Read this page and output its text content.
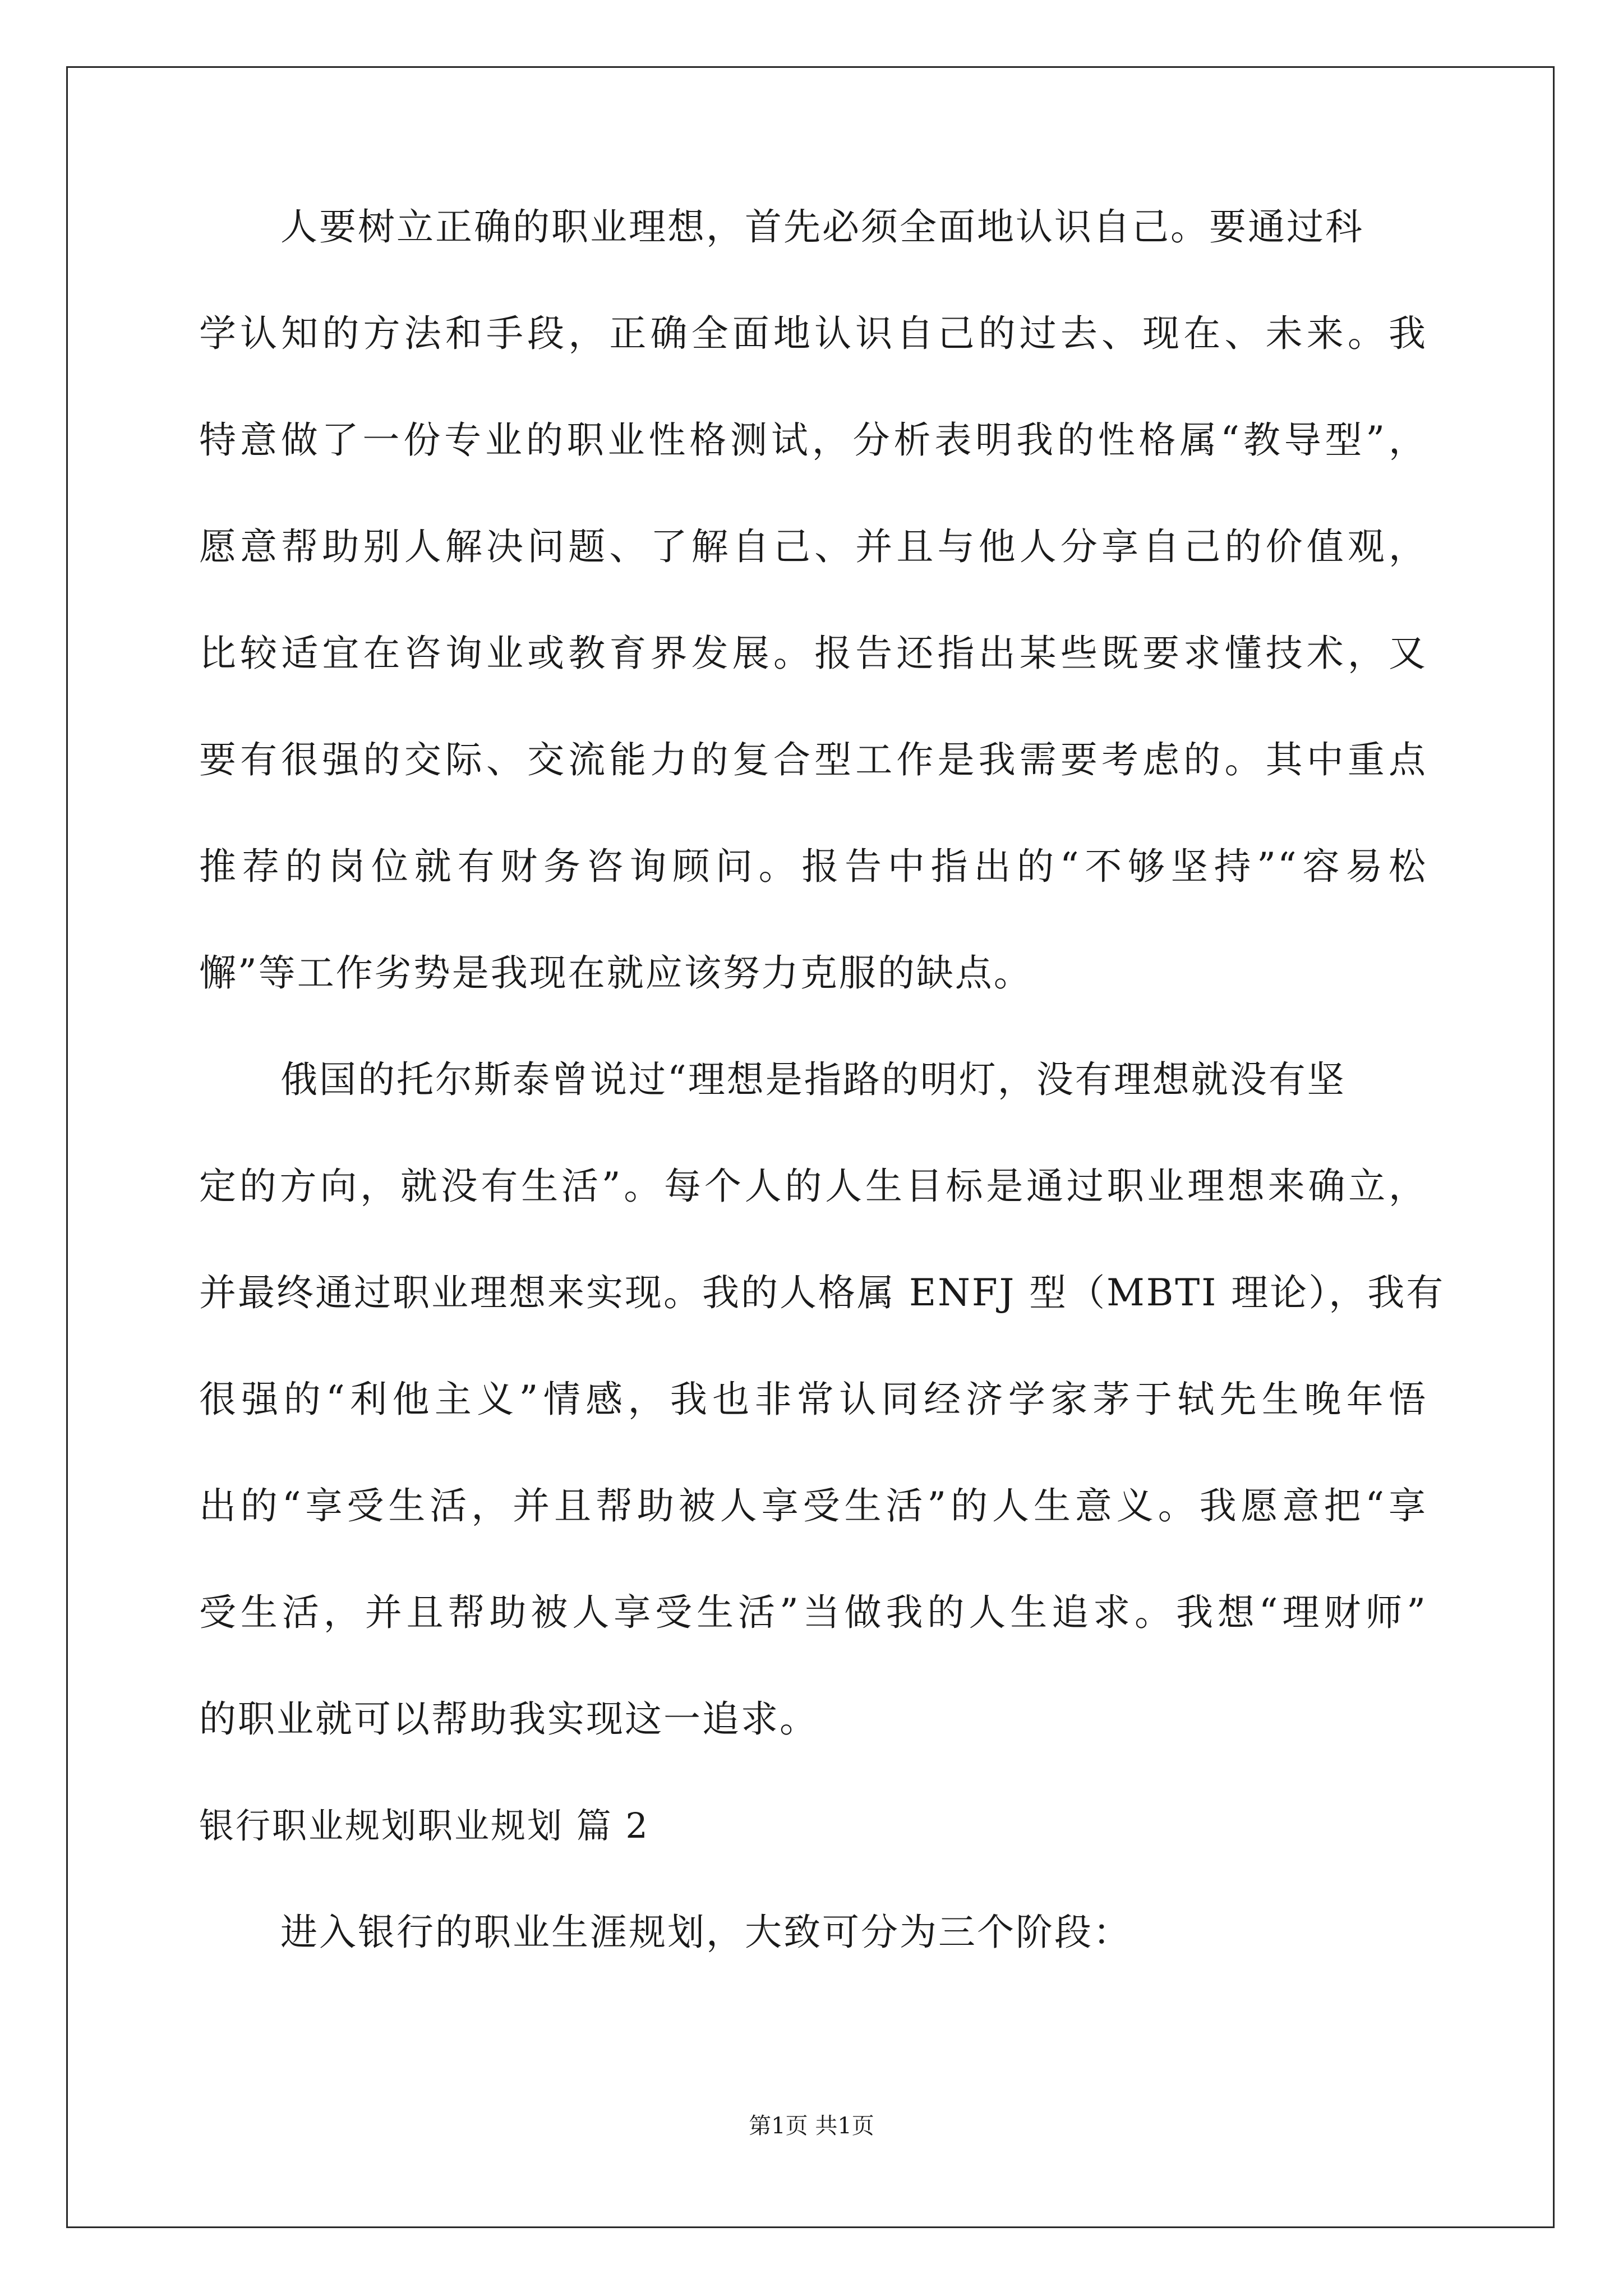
人要树立正确的职业理想，首先必须全面地认识自己。要通过科
学认知的方法和手段，正确全面地认识自己的过去、现在、未来。我
特意做了一份专业的职业性格测试，分析表明我的性格属“教导型”，
愿意帮助别人解决问题、了解自己、并且与他人分享自己的价值观，
比较适宜在咨询业或教育界发展。报告还指出某些既要求懂技术，又
要有很强的交际、交流能力的复合型工作是我需要考虑的。其中重点
推荐的岗位就有财务咨询顾问。报告中指出的“不够坚持”“容易松
懈”等工作劣势是我现在就应该努力克服的缺点。
俄国的托尔斯泰曾说过“理想是指路的明灯，没有理想就没有坚
定的方向，就没有生活”。每个人的人生目标是通过职业理想来确立，
并最终通过职业理想来实现。我的人格属 ENFJ 型（MBTI 理论），我有
很强的“利他主义”情感，我也非常认同经济学家茅于轼先生晚年悟
出的“享受生活，并且帮助被人享受生活”的人生意义。我愿意把“享
受生活，并且帮助被人享受生活”当做我的人生追求。我想“理财师”
的职业就可以帮助我实现这一追求。
银行职业规划职业规划 篇 2
进入银行的职业生涯规划，大致可分为三个阶段：
第1页 共1页
